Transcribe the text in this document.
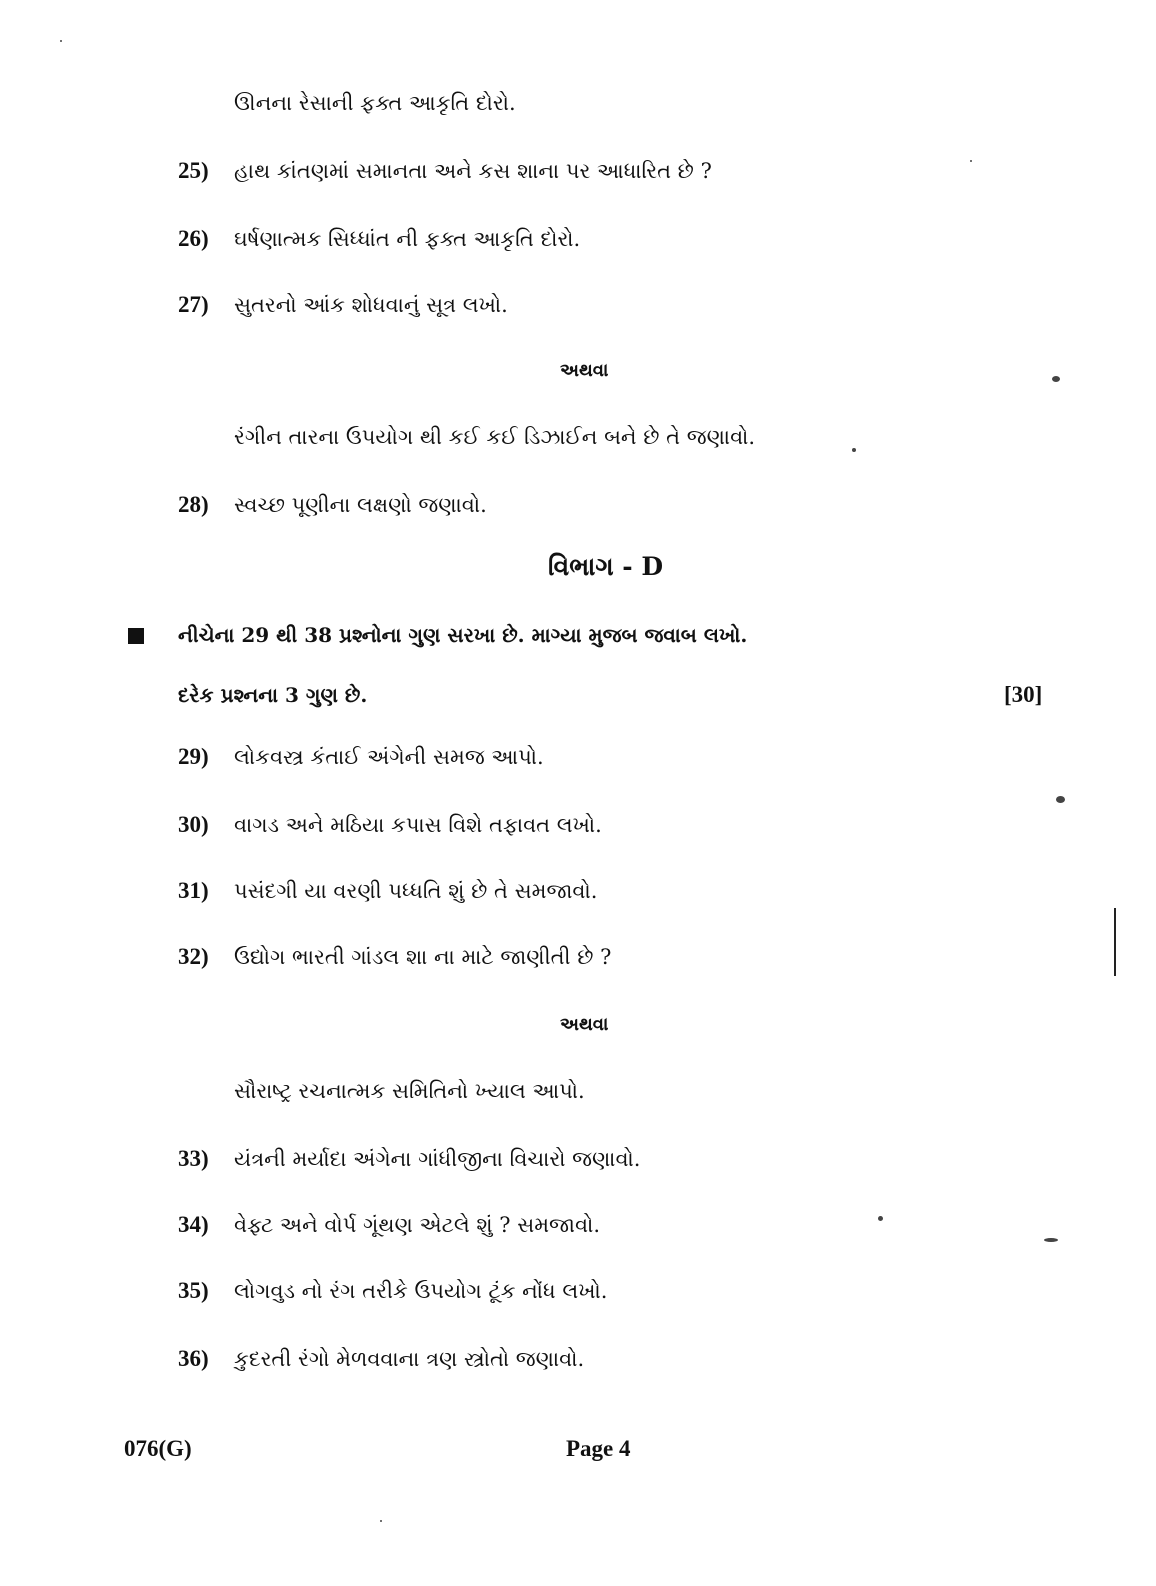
ઊનના રેસાની ફક્ત આકૃતિ દોરો.
25) હાથ કાંતણમાં સમાનતા અને કસ શાના પર આધારિત છે ?
26) ઘર્ષણાત્મક સિધ્ધાંત ની ફક્ત આકૃતિ દોરો.
27) સુતરનો આંક શોધવાનું સૂત્ર લખો.
અથવા
રંગીન તારના ઉપયોગ થી કઈ કઈ ડિઝાઈન બને છે તે જણાવો.
28) સ્વચ્છ પૂણીના લક્ષણો જણાવો.
વિભાગ - D
નીચેના 29 થી 38 પ્રશ્નોના ગુણ સરખા છે. માગ્યા મુજબ જવાબ લખો.
દરેક પ્રશ્નના 3 ગુણ છે.	[30]
29) લોકવસ્ત્ર કંતાઈ અંગેની સમજ આપો.
30) વાગડ અને મઠિયા કપાસ વિશે તફાવત લખો.
31) પસંદગી યા વરણી પધ્ધતિ શું છે તે સમજાવો.
32) ઉદ્યોગ ભારતી ગાંડલ શા ના માટે જાણીતી છે ?
અથવા
સૌરાષ્ટ્ર રચનાત્મક સમિતિનો ખ્યાલ આપો.
33) યંત્રની મર્યાદા અંગેના ગાંધીજીના વિચારો જણાવો.
34) વેફ્ટ અને વોર્પ ગૂંથણ એટલે શું ? સમજાવો.
35) લોગવુડ નો રંગ તરીકે ઉપયોગ ટૂંક નોંધ લખો.
36) કુદરતી રંગો મેળવવાના ત્રણ સ્ત્રોતો જણાવો.
076(G)	Page 4
